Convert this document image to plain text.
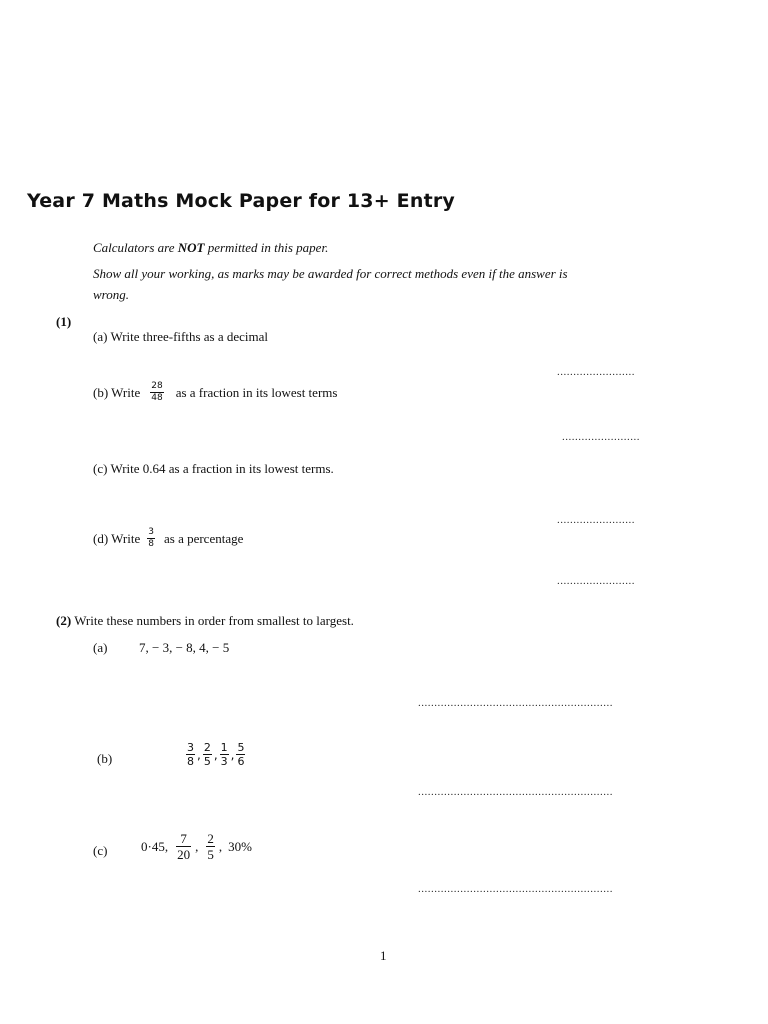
Year 7 Maths Mock Paper for 13+ Entry
Calculators are NOT permitted in this paper.
Show all your working, as marks may be awarded for correct methods even if the answer is
wrong.
(1)
(a) Write three-fifths as a decimal
........................
(b) Write $\frac{28}{48}$ as a fraction in its lowest terms
........................
(c) Write 0.64 as a fraction in its lowest terms.
........................
(d) Write $\frac{3}{8}$ as a percentage
........................
(2) Write these numbers in order from smallest to largest.
(a) 7, − 3, − 8, 4, − 5
............................................................
(b)	$\frac{3}{8}$ , $\frac{2}{5}$ , $\frac{1}{3}$ , $\frac{5}{6}$
............................................................
(c)	0·45, $\frac{7}{20}$ , $\frac{2}{5}$ , 30%
............................................................
1
